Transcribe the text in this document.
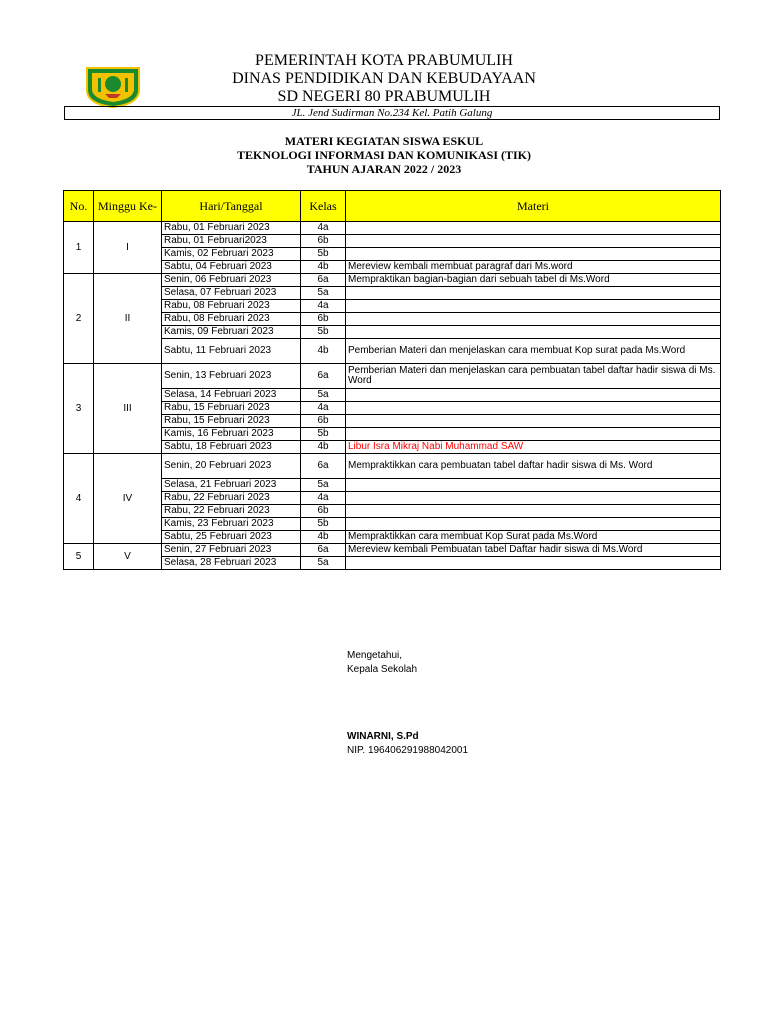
PEMERINTAH KOTA PRABUMULIH
DINAS PENDIDIKAN DAN KEBUDAYAAN
SD NEGERI 80 PRABUMULIH
JL. Jend Sudirman No.234 Kel. Patih Galung
MATERI KEGIATAN SISWA ESKUL
TEKNOLOGI INFORMASI DAN KOMUNIKASI (TIK)
TAHUN AJARAN 2022 / 2023
No.	Minggu Ke-	Hari/Tanggal	Kelas	Materi
1	I	Rabu, 01 Februari 2023	4a	
		Rabu, 01 Februari2023	6b	
		Kamis, 02 Februari 2023	5b	
		Sabtu, 04 Februari 2023	4b	Mereview kembali membuat paragraf dari Ms.word
2	II	Senin, 06 Februari 2023	6a	Mempraktikan bagian-bagian dari sebuah tabel di Ms.Word
		Selasa, 07 Februari 2023	5a	
		Rabu, 08 Februari 2023	4a	
		Rabu, 08 Februari 2023	6b	
		Kamis, 09 Februari 2023	5b	
		Sabtu, 11 Februari 2023	4b	Pemberian Materi dan menjelaskan cara membuat Kop surat pada Ms.Word
3	III	Senin, 13 Februari 2023	6a	Pemberian Materi dan menjelaskan cara pembuatan tabel daftar hadir siswa di Ms. Word
		Selasa, 14 Februari 2023	5a	
		Rabu, 15 Februari 2023	4a	
		Rabu, 15 Februari 2023	6b	
		Kamis, 16 Februari 2023	5b	
		Sabtu, 18 Februari 2023	4b	Libur Isra Mikraj Nabi Muhammad SAW
4	IV	Senin, 20 Februari 2023	6a	Mempraktikkan cara pembuatan tabel daftar hadir siswa di Ms. Word
		Selasa, 21 Februari 2023	5a	
		Rabu, 22 Februari 2023	4a	
		Rabu, 22 Februari 2023	6b	
		Kamis, 23 Februari 2023	5b	
		Sabtu, 25 Februari 2023	4b	Mempraktikkan cara membuat Kop Surat pada Ms.Word
5	V	Senin, 27 Februari 2023	6a	Mereview kembali Pembuatan tabel Daftar hadir siswa di Ms.Word
		Selasa, 28 Februari 2023	5a	
Mengetahui,
Kepala Sekolah
WINARNI, S.Pd
NIP. 196406291988042001
